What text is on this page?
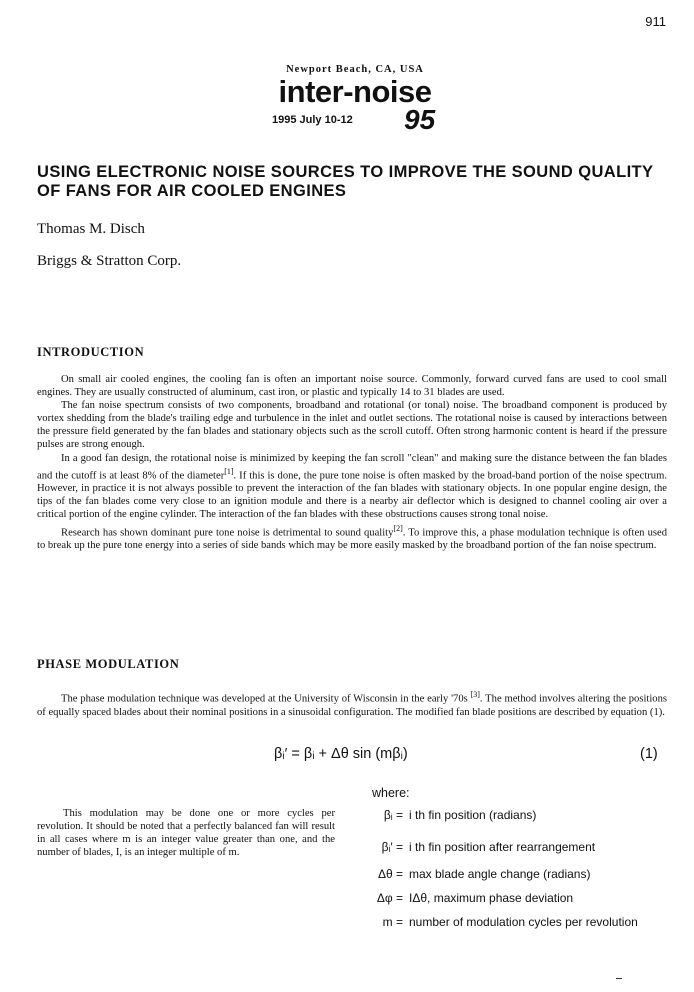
911
Newport Beach, CA, USA
inter-noise
1995 July 10-12 95
USING ELECTRONIC NOISE SOURCES TO IMPROVE THE SOUND QUALITY OF FANS FOR AIR COOLED ENGINES
Thomas M. Disch
Briggs & Stratton Corp.
INTRODUCTION

On small air cooled engines, the cooling fan is often an important noise source. Commonly, forward curved fans are used to cool small engines. They are usually constructed of aluminum, cast iron, or plastic and typically 14 to 31 blades are used.

The fan noise spectrum consists of two components, broadband and rotational (or tonal) noise. The broadband component is produced by vortex shedding from the blade's trailing edge and turbulence in the inlet and outlet sections. The rotational noise is caused by interactions between the pressure field generated by the fan blades and stationary objects such as the scroll cutoff. Often strong harmonic content is heard if the pressure pulses are strong enough.

In a good fan design, the rotational noise is minimized by keeping the fan scroll "clean" and making sure the distance between the fan blades and the cutoff is at least 8% of the diameter[1]. If this is done, the pure tone noise is often masked by the broad-band portion of the noise spectrum. However, in practice it is not always possible to prevent the interaction of the fan blades with stationary objects. In one popular engine design, the tips of the fan blades come very close to an ignition module and there is a nearby air deflector which is designed to channel cooling air over a critical portion of the engine cylinder. The interaction of the fan blades with these obstructions causes strong tonal noise.

Research has shown dominant pure tone noise is detrimental to sound quality[2]. To improve this, a phase modulation technique is often used to break up the pure tone energy into a series of side bands which may be more easily masked by the broadband portion of the fan noise spectrum.

PHASE MODULATION

The phase modulation technique was developed at the University of Wisconsin in the early '70s [3]. The method involves altering the positions of equally spaced blades about their nominal positions in a sinusoidal configuration. The modified fan blade positions are described by equation (1).

βᵢ′ = βᵢ + Δθ sin (mβᵢ)	(1)
where:
βᵢ = i th fin position (radians)
βᵢ′ = i th fin position after rearrangement
Δθ = max blade angle change (radians)
Δφ = IΔθ, maximum phase deviation
m = number of modulation cycles per revolution

This modulation may be done one or more cycles per revolution. It should be noted that a perfectly balanced fan will result in all cases where m is an integer value greater than one, and the number of blades, I, is an integer multiple of m.
